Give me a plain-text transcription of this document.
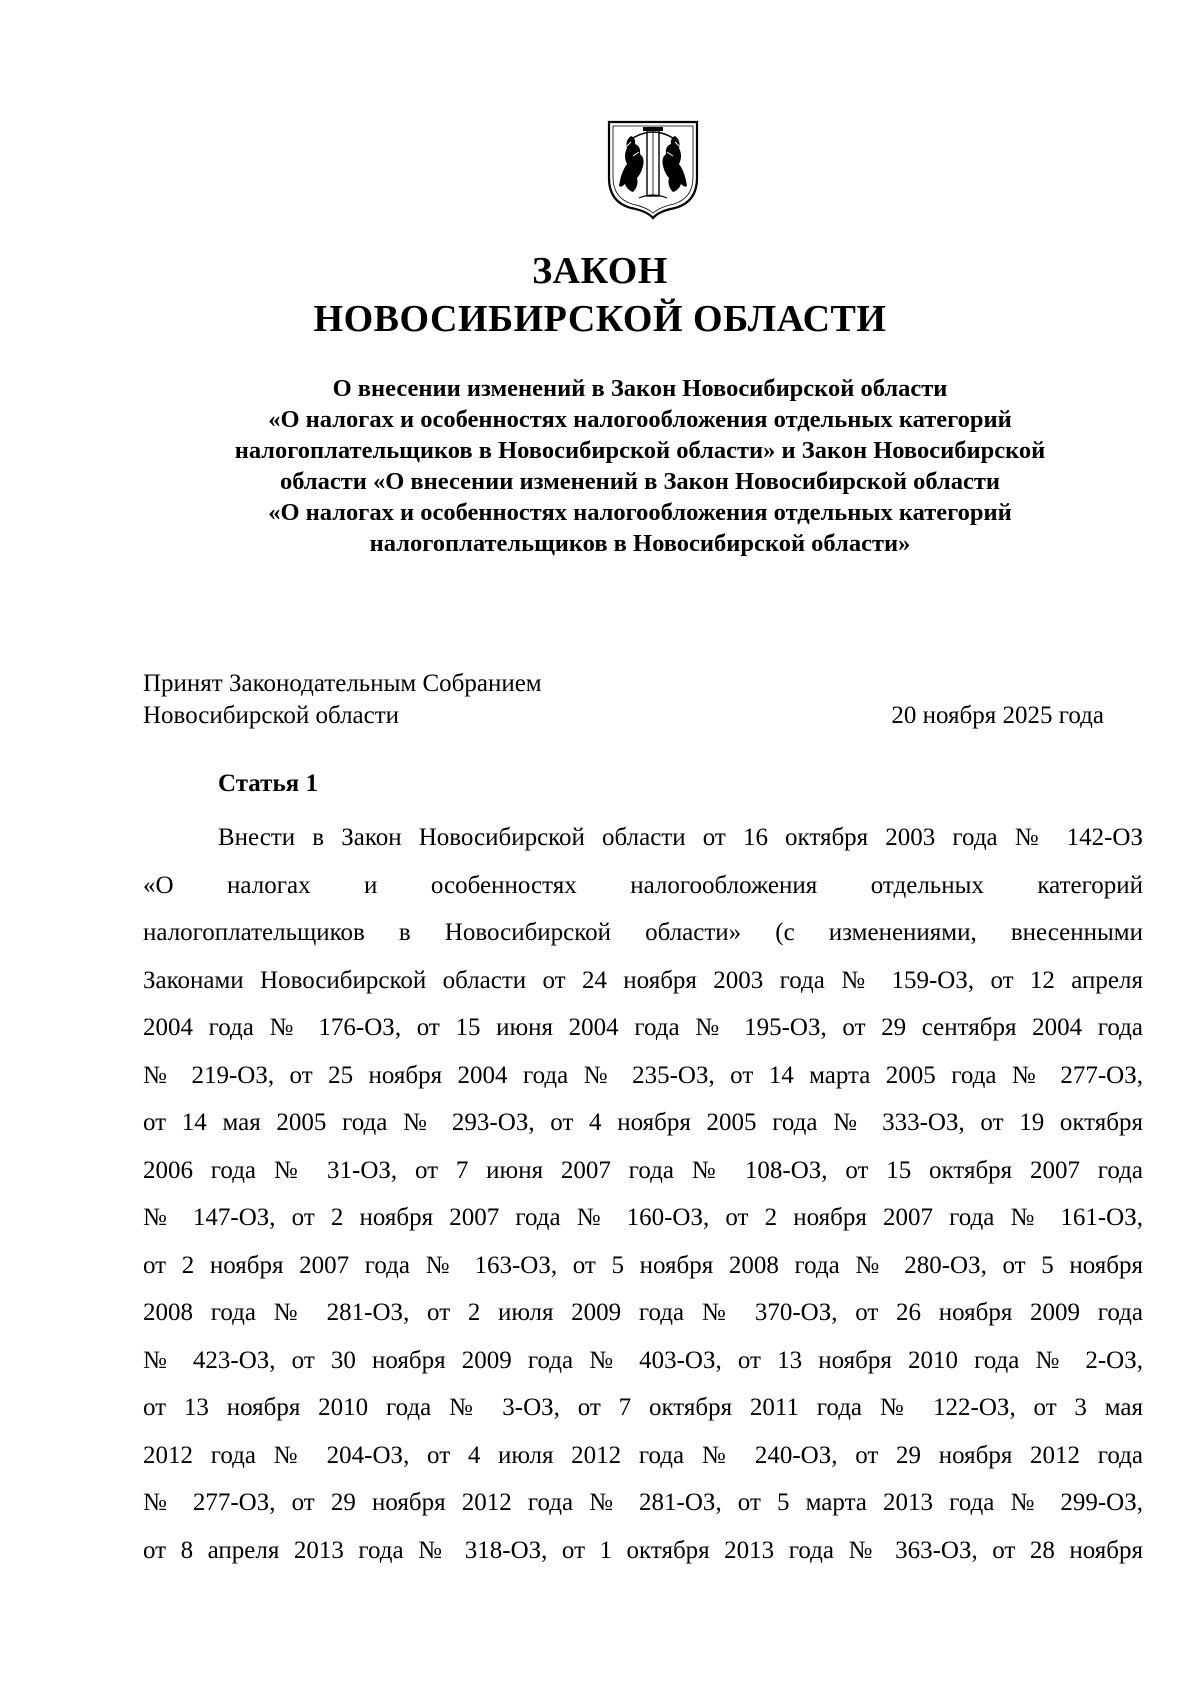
ЗАКОН
НОВОСИБИРСКОЙ ОБЛАСТИ
О внесении изменений в Закон Новосибирской области
«О налогах и особенностях налогообложения отдельных категорий
налогоплательщиков в Новосибирской области» и Закон Новосибирской
области «О внесении изменений в Закон Новосибирской области
«О налогах и особенностях налогообложения отдельных категорий
налогоплательщиков в Новосибирской области»
Принят Законодательным Собранием
Новосибирской области	20 ноября 2025 года
Статья 1
Внести в Закон Новосибирской области от 16 октября 2003 года № 142-ОЗ
«О налогах и особенностях налогообложения отдельных категорий
налогоплательщиков в Новосибирской области» (с изменениями, внесенными
Законами Новосибирской области от 24 ноября 2003 года № 159-ОЗ, от 12 апреля
2004 года № 176-ОЗ, от 15 июня 2004 года № 195-ОЗ, от 29 сентября 2004 года
№ 219-ОЗ, от 25 ноября 2004 года № 235-ОЗ, от 14 марта 2005 года № 277-ОЗ,
от 14 мая 2005 года № 293-ОЗ, от 4 ноября 2005 года № 333-ОЗ, от 19 октября
2006 года № 31-ОЗ, от 7 июня 2007 года № 108-ОЗ, от 15 октября 2007 года
№ 147-ОЗ, от 2 ноября 2007 года № 160-ОЗ, от 2 ноября 2007 года № 161-ОЗ,
от 2 ноября 2007 года № 163-ОЗ, от 5 ноября 2008 года № 280-ОЗ, от 5 ноября
2008 года № 281-ОЗ, от 2 июля 2009 года № 370-ОЗ, от 26 ноября 2009 года
№ 423-ОЗ, от 30 ноября 2009 года № 403-ОЗ, от 13 ноября 2010 года № 2-ОЗ,
от 13 ноября 2010 года № 3-ОЗ, от 7 октября 2011 года № 122-ОЗ, от 3 мая
2012 года № 204-ОЗ, от 4 июля 2012 года № 240-ОЗ, от 29 ноября 2012 года
№ 277-ОЗ, от 29 ноября 2012 года № 281-ОЗ, от 5 марта 2013 года № 299-ОЗ,
от 8 апреля 2013 года № 318-ОЗ, от 1 октября 2013 года № 363-ОЗ, от 28 ноября
